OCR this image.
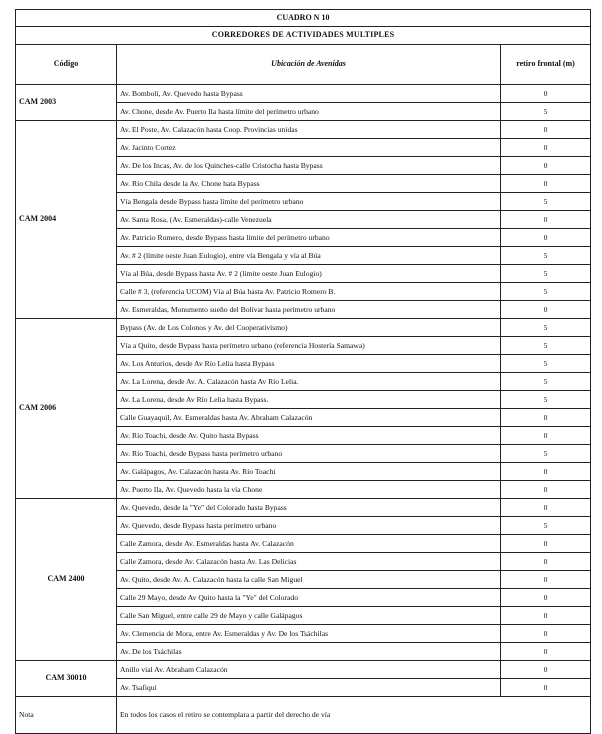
CUADRO N 10		
CORREDORES DE ACTIVIDADES MULTIPLES		
Código	Ubicación de Avenidas	retiro frontal (m)
CAM 2003	Av. Bombolí, Av. Quevedo hasta Bypass	0
	Av. Chone, desde Av. Puerto Ila hasta límite del perímetro urbano	5
CAM 2004	Av. El Poste, Av. Calazacón hasta Coop. Provincias unidas	0
	Av. Jacinto Cortez	0
	Av. De los Incas, Av. de los Quinches-calle Cristocha hasta Bypass	0
	Av. Río Chila desde la Av. Chone hata Bypass	0
	Vía Bengala desde Bypass hasta límite del perímetro urbano	5
	Av. Santa Rosa, (Av. Esmeraldas)-calle Venezuela	0
	Av. Patricio Romero, desde Bypass hasta límite del perímetro urbano	0
	Av. # 2 (límite oeste Juan Eulogio), entre vía Bengala y vía al Búa	5
	Vía al Búa, desde Bypass hasta Av. # 2 (límite oeste Juan Eulogio)	5
	Calle # 3, (referencia UCOM) Vía al Búa hasta Av. Patricio Romero B.	5
	Av. Esmeraldas, Monumento sueño del Bolívar hasta perímetro urbano	0
CAM 2006	Bypass (Av. de Los Colonos y Av. del Cooperativismo)	5
	Vía a Quito, desde Bypass hasta perímetro urbano (referencia Hostería Samawa)	5
	Av. Los Anturios, desde Av Río Lelia hasta Bypass	5
	Av. La Lorena, desde Av. A. Calazacón hasta Av Río Lelia.	5
	Av. La Lorena, desde Av Río Lelia hasta Bypass.	5
	Calle Guayaquil, Av. Esmeraldas hasta Av. Abraham Calazacón	0
	Av. Río Toachi, desde Av. Quito hasta Bypass	0
	Av. Río Toachi, desde Bypass hasta perímetro urbano	5
	Av. Galápagos, Av. Calazacón hasta Av. Río Toachi	0
	Av. Puerto Ila, Av. Quevedo hasta la vía Chone	0
CAM 2400	Av. Quevedo, desde la "Ye" del Colorado hasta Bypass	0
	Av. Quevedo, desde Bypass hasta perímetro urbano	5
	Calle Zamora, desde Av. Esmeraldas hasta Av. Calazacón	0
	Calle Zamora, desde Av. Calazacón hasta Av. Las Delicias	0
	Av. Quito, desde Av. A. Calazacón hasta la calle San Miguel	0
	Calle 29 Mayo, desde Av Quito hasta la "Ye" del Colorado	0
	Calle San Miguel, entre calle 29 de Mayo y calle Galápagos	0
	Av. Clemencia de Mora, entre Av. Esmeraldas y Av. De los Tsáchilas	0
	Av. De los Tsáchilas	0
CAM 30010	Anillo vial Av. Abraham Calazacón	0
	Av. Tsafiquí	0
Nota	En todos los casos el retiro se contemplara a partir del derecho de vía	
